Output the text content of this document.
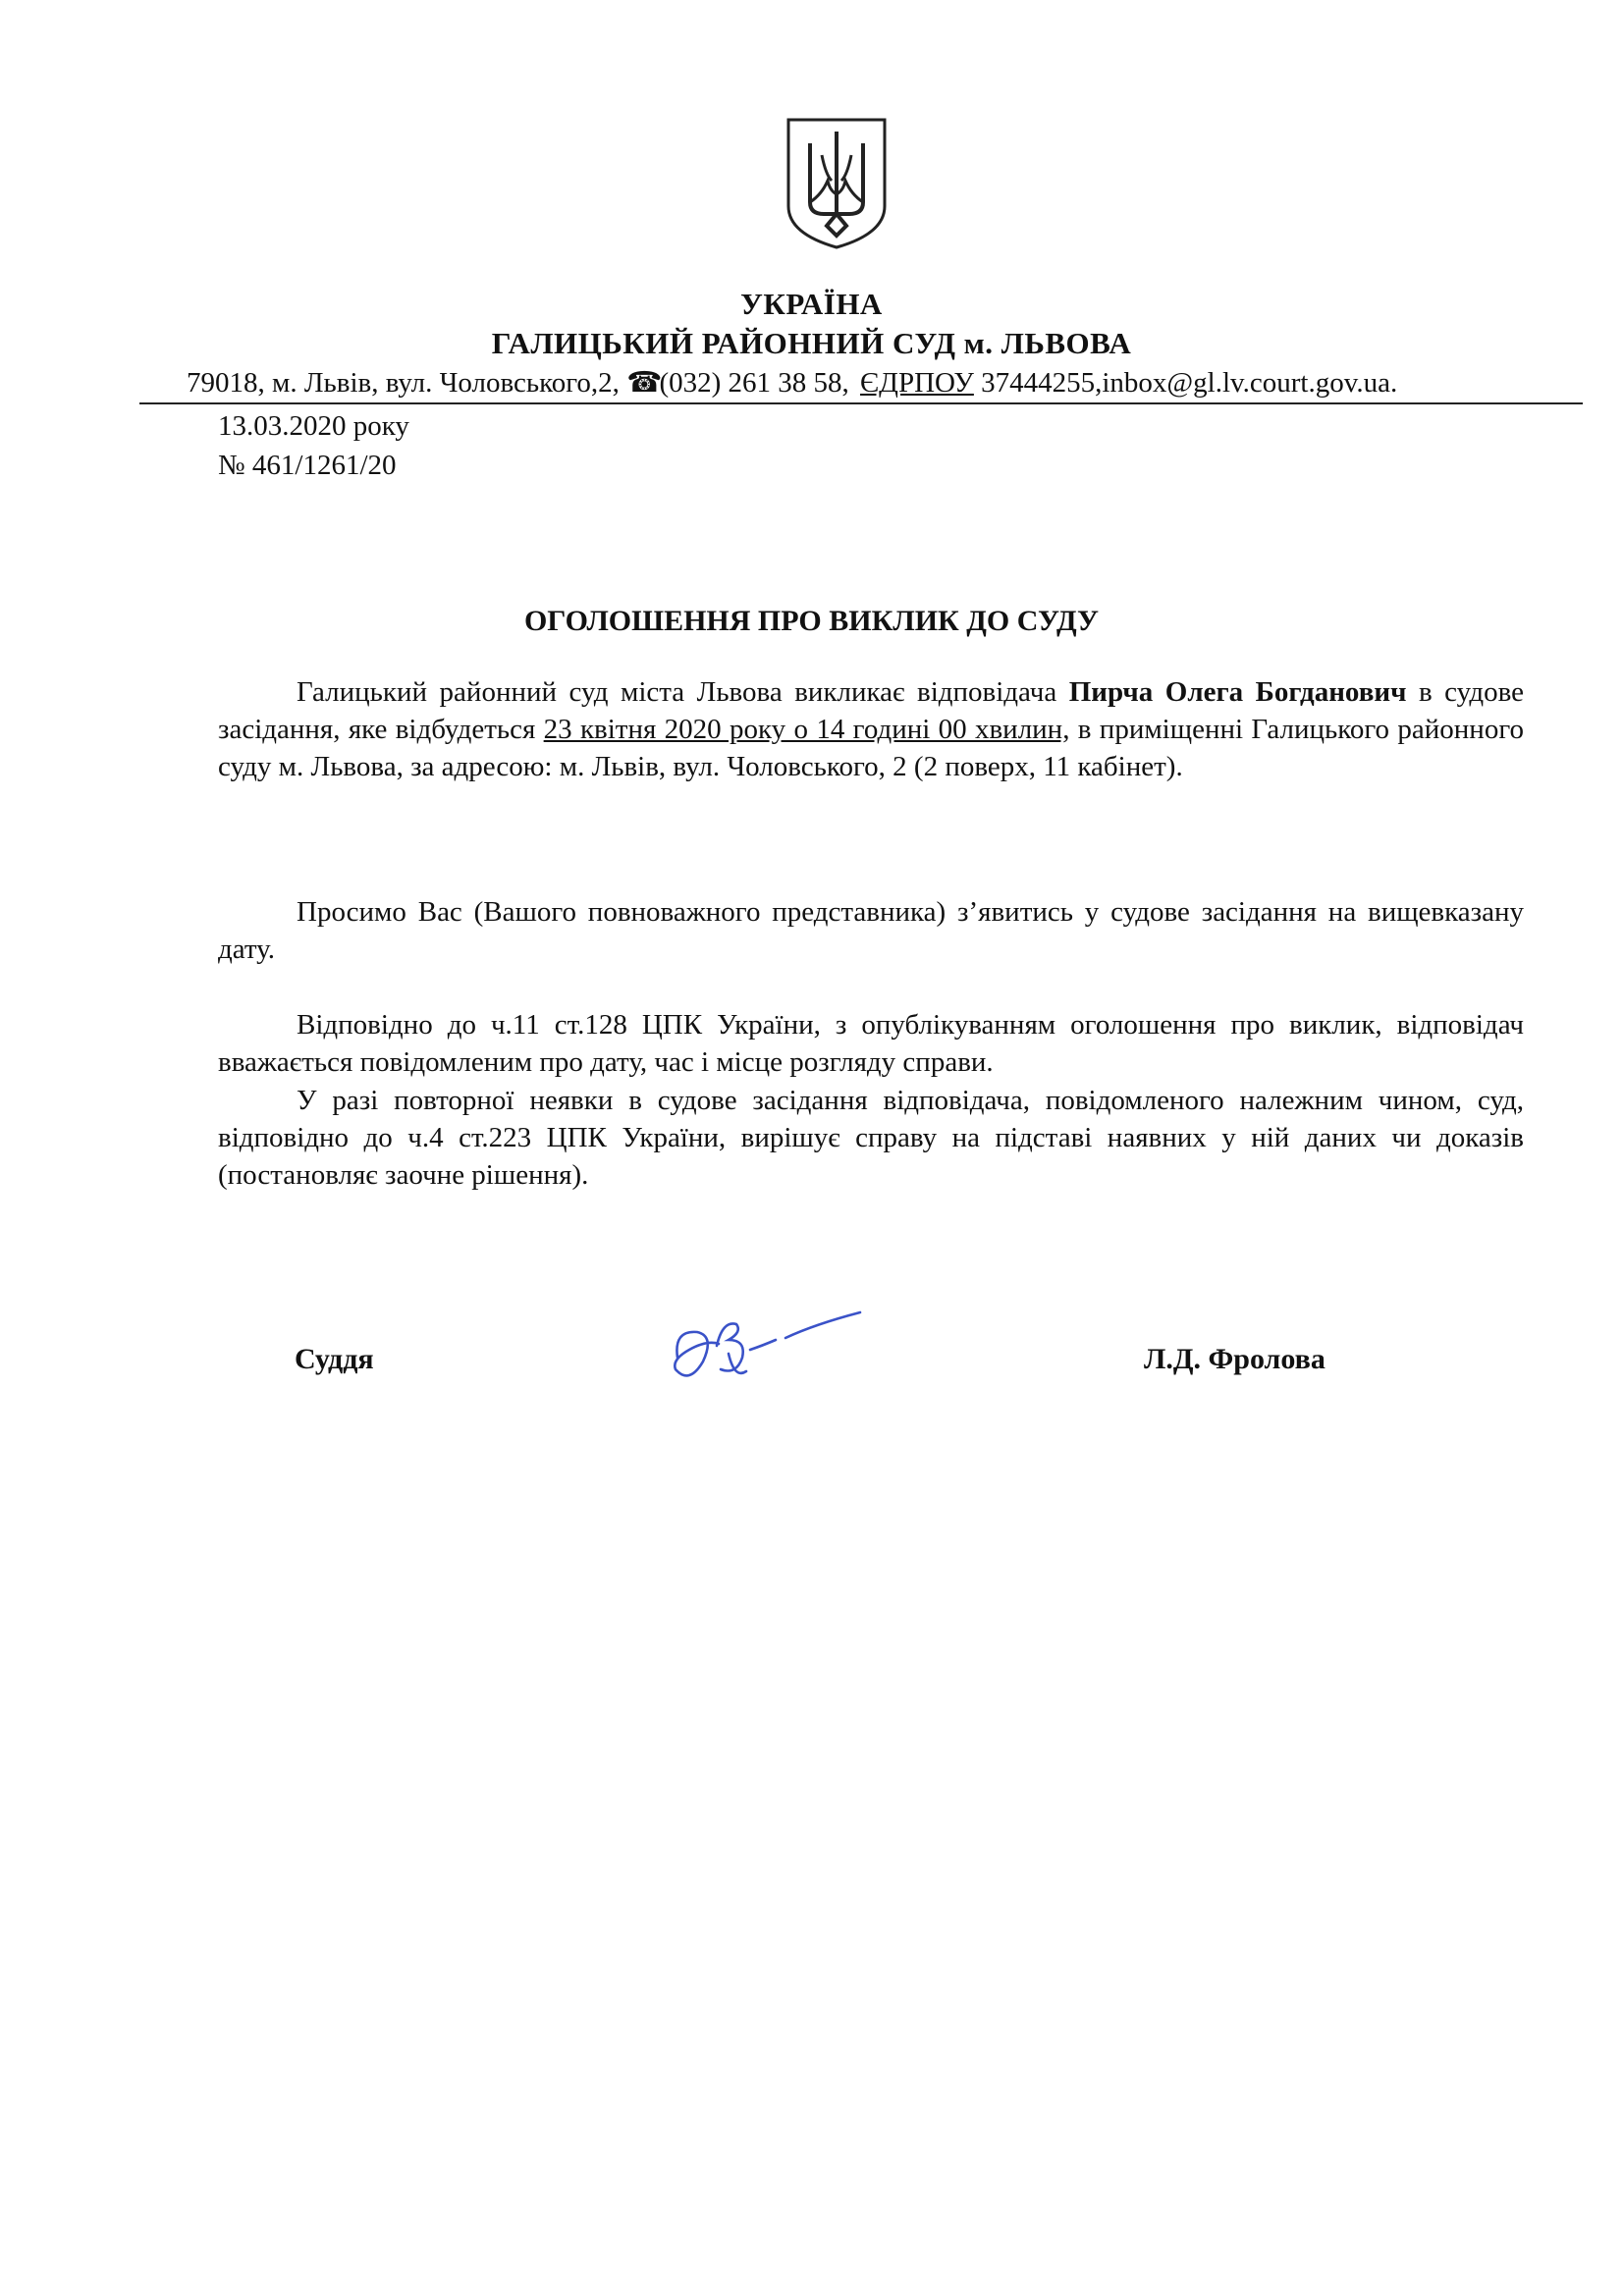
УКРАЇНА
ГАЛИЦЬКИЙ РАЙОННИЙ СУД м. ЛЬВОВА
79018, м. Львів, вул. Чоловського,2, ☎ (032) 261 38 58, ЄДРПОУ 37444255,inbox@gl.lv.court.gov.ua.
13.03.2020 року
№ 461/1261/20
ОГОЛОШЕННЯ ПРО ВИКЛИК ДО СУДУ
Галицький районний суд міста Львова викликає відповідача Пирча Олега Богданович в судове засідання, яке відбудеться 23 квітня 2020 року о 14 годині 00 хвилин, в приміщенні Галицького районного суду м. Львова, за адресою: м. Львів, вул. Чоловського, 2 (2 поверх, 11 кабінет).
Просимо Вас (Вашого повноважного представника) з’явитись у судове засідання на вищевказану дату.
Відповідно до ч.11 ст.128 ЦПК України, з опублікуванням оголошення про виклик, відповідач вважається повідомленим про дату, час і місце розгляду справи.
У разі повторної неявки в судове засідання відповідача, повідомленого належним чином, суд, відповідно до ч.4 ст.223 ЦПК України, вирішує справу на підставі наявних у ній даних чи доказів (постановляє заочне рішення).
Суддя	Л.Д. Фролова
